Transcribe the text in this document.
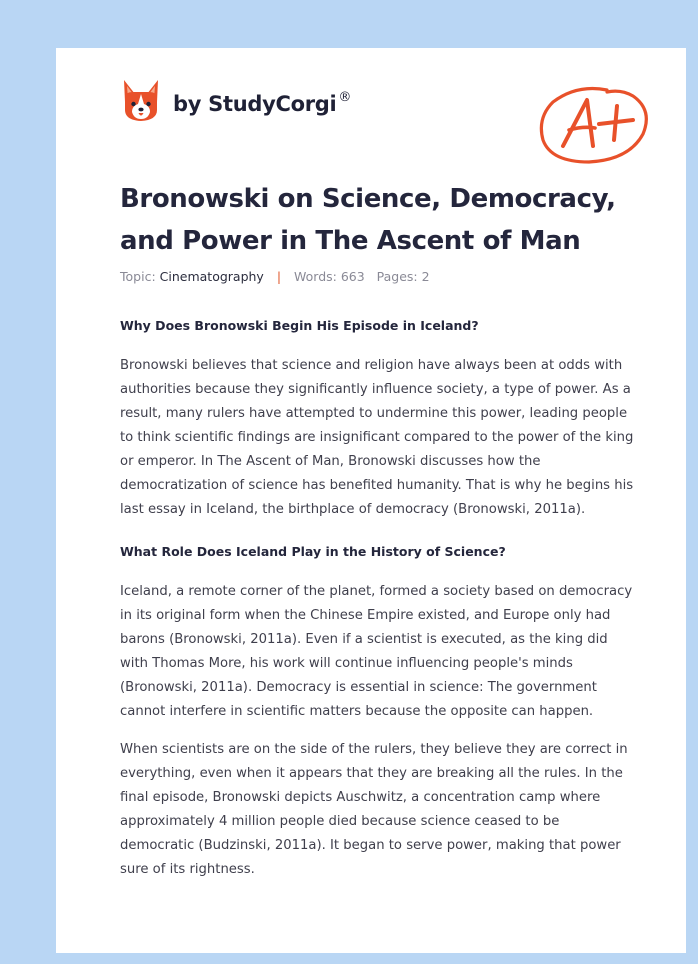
by StudyCorgi ®
Bronowski on Science, Democracy, and Power in The Ascent of Man
Topic: Cinematography | Words: 663 Pages: 2
Why Does Bronowski Begin His Episode in Iceland?

Bronowski believes that science and religion have always been at odds with authorities because they significantly influence society, a type of power. As a result, many rulers have attempted to undermine this power, leading people to think scientific findings are insignificant compared to the power of the king or emperor. In The Ascent of Man, Bronowski discusses how the democratization of science has benefited humanity. That is why he begins his last essay in Iceland, the birthplace of democracy (Bronowski, 2011a).

What Role Does Iceland Play in the History of Science?

Iceland, a remote corner of the planet, formed a society based on democracy in its original form when the Chinese Empire existed, and Europe only had barons (Bronowski, 2011a). Even if a scientist is executed, as the king did with Thomas More, his work will continue influencing people's minds (Bronowski, 2011a). Democracy is essential in science: The government cannot interfere in scientific matters because the opposite can happen.

When scientists are on the side of the rulers, they believe they are correct in everything, even when it appears that they are breaking all the rules. In the final episode, Bronowski depicts Auschwitz, a concentration camp where approximately 4 million people died because science ceased to be democratic (Budzinski, 2011a). It began to serve power, making that power sure of its rightness.
